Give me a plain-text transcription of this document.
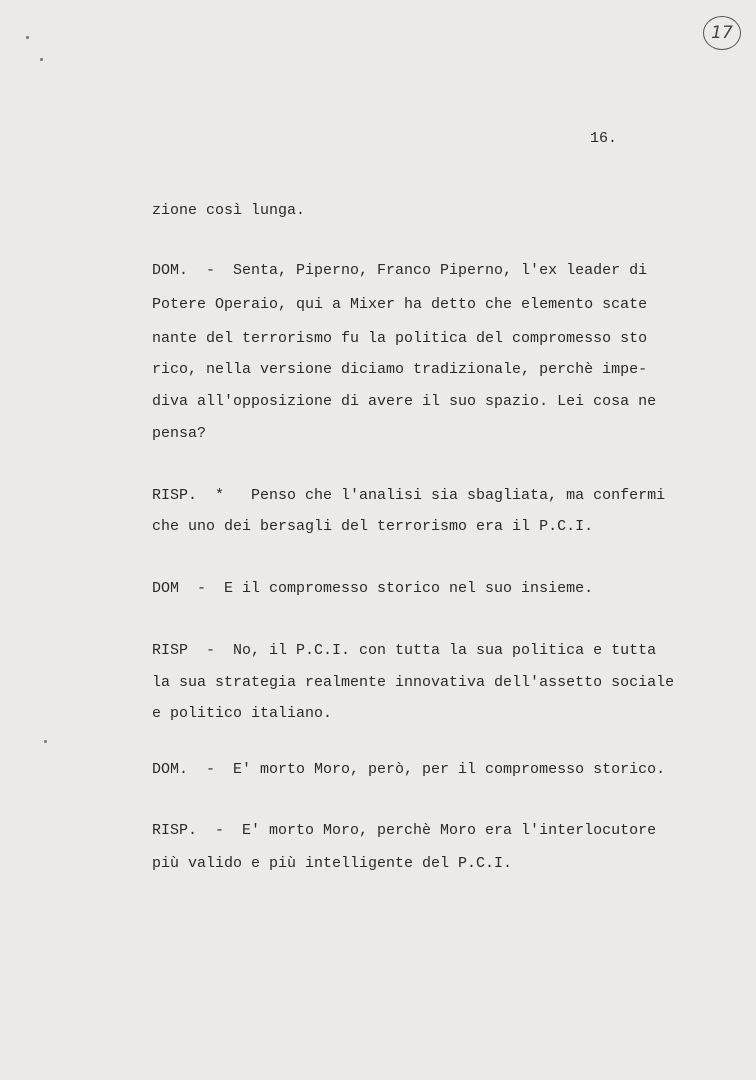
17
16.
zione così lunga.
DOM.  -  Senta, Piperno, Franco Piperno, l'ex leader di
Potere Operaio, qui a Mixer ha detto che elemento scate
nante del terrorismo fu la politica del compromesso sto
rico, nella versione diciamo tradizionale, perchè impe-
diva all'opposizione di avere il suo spazio. Lei cosa ne
pensa?
RISP.  *   Penso che l'analisi sia sbagliata, ma confermi
che uno dei bersagli del terrorismo era il P.C.I.
DOM  -  E il compromesso storico nel suo insieme.
RISP  -  No, il P.C.I. con tutta la sua politica e tutta
la sua strategia realmente innovativa dell'assetto sociale
e politico italiano.
DOM.  -  E' morto Moro, però, per il compromesso storico.
RISP.  -  E' morto Moro, perchè Moro era l'interlocutore
più valido e più intelligente del P.C.I.
